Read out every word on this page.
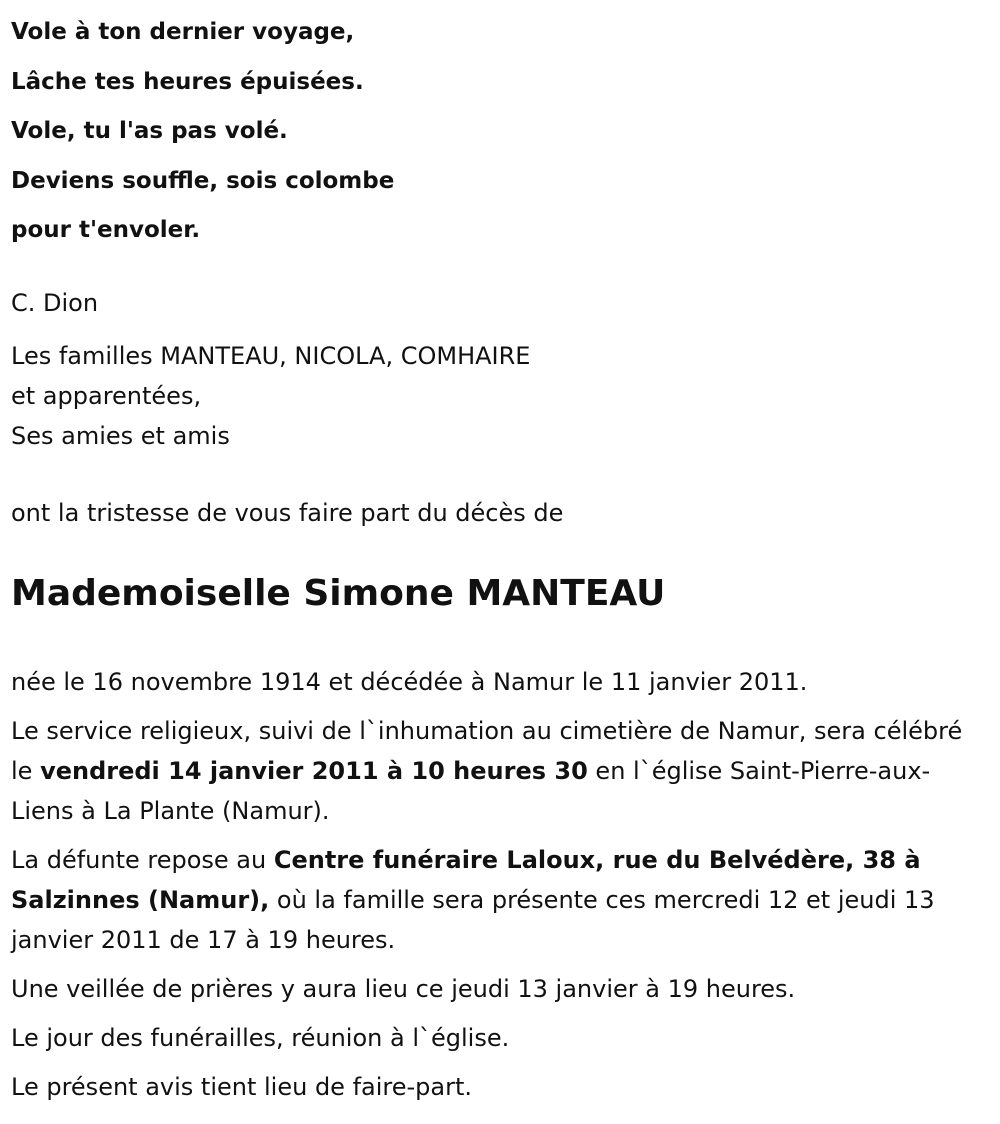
Vole à ton dernier voyage,
Lâche tes heures épuisées.
Vole, tu l'as pas volé.
Deviens souffle, sois colombe
pour t'envoler.

C. Dion

Les familles MANTEAU, NICOLA, COMHAIRE
et apparentées,
Ses amies et amis

ont la tristesse de vous faire part du décès de

Mademoiselle Simone MANTEAU

née le 16 novembre 1914 et décédée à Namur le 11 janvier 2011.

Le service religieux, suivi de l`inhumation au cimetière de Namur, sera célébré le vendredi 14 janvier 2011 à 10 heures 30 en l`église Saint-Pierre-aux-Liens à La Plante (Namur).

La défunte repose au Centre funéraire Laloux, rue du Belvédère, 38 à Salzinnes (Namur), où la famille sera présente ces mercredi 12 et jeudi 13 janvier 2011 de 17 à 19 heures.

Une veillée de prières y aura lieu ce jeudi 13 janvier à 19 heures.

Le jour des funérailles, réunion à l`église.

Le présent avis tient lieu de faire-part.
